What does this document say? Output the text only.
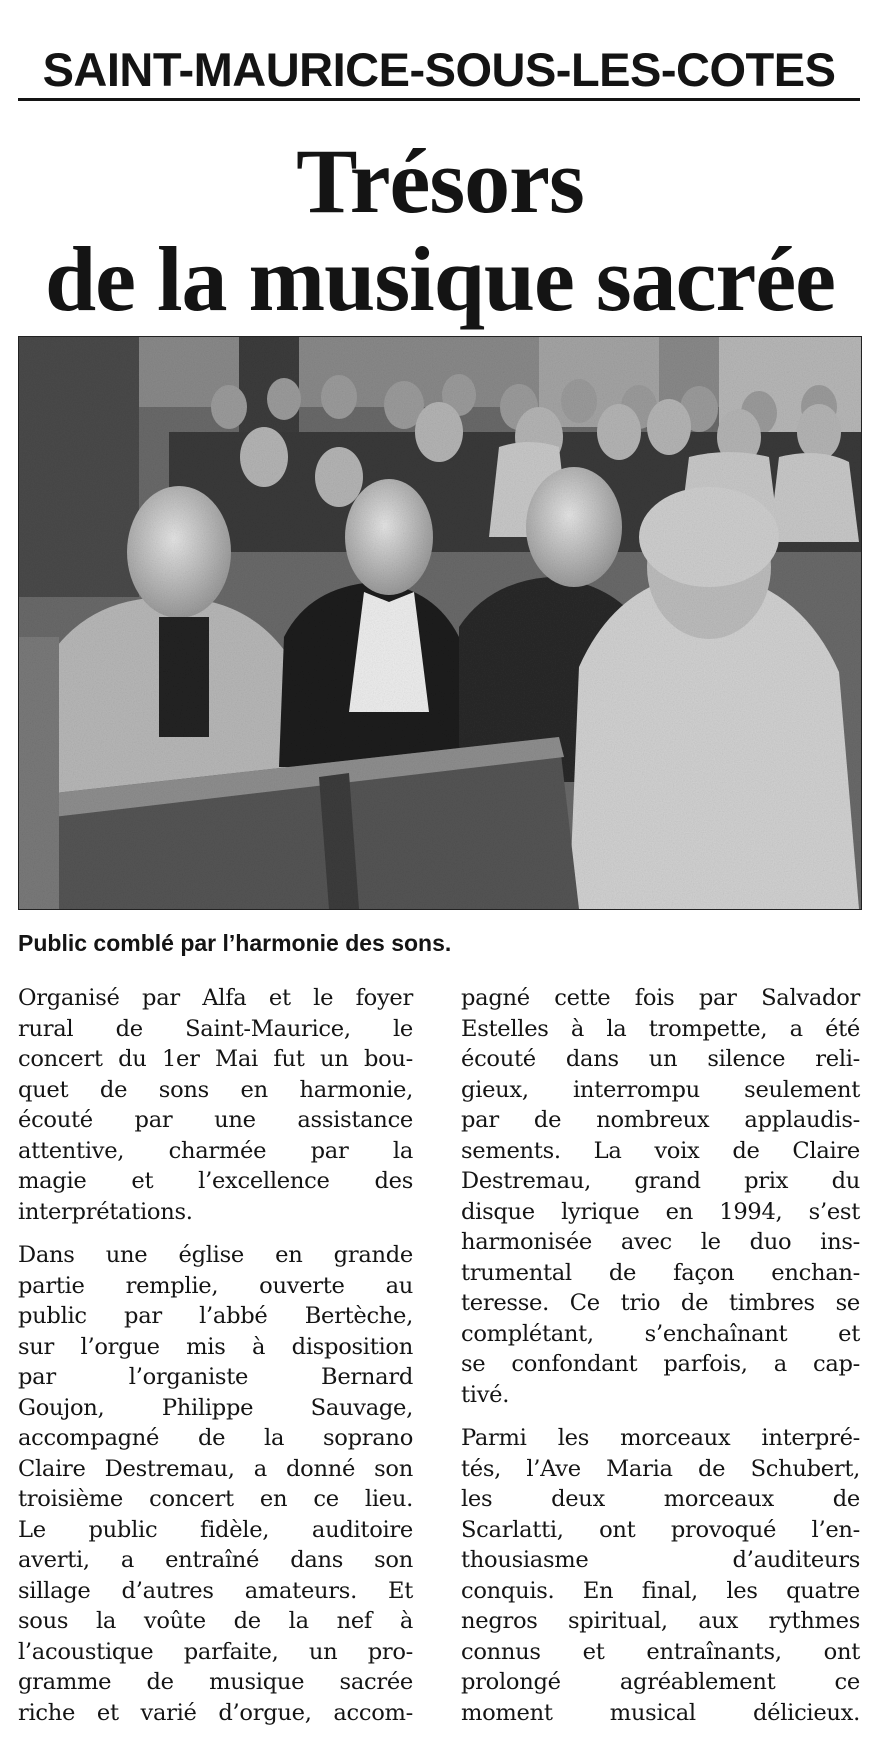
SAINT-MAURICE-SOUS-LES-COTES
Trésors
de la musique sacrée
Public comblé par l’harmonie des sons.

Organisé par Alfa et le foyer
rural de Saint-Maurice, le
concert du 1er Mai fut un bou-
quet de sons en harmonie,
écouté par une assistance
attentive, charmée par la
magie et l’excellence des
interprétations.

Dans une église en grande
partie remplie, ouverte au
public par l’abbé Bertèche,
sur l’orgue mis à disposition
par l’organiste Bernard
Goujon, Philippe Sauvage,
accompagné de la soprano
Claire Destremau, a donné son
troisième concert en ce lieu.
Le public fidèle, auditoire
averti, a entraîné dans son
sillage d’autres amateurs. Et
sous la voûte de la nef à
l’acoustique parfaite, un pro-
gramme de musique sacrée
riche et varié d’orgue, accom-

pagné cette fois par Salvador
Estelles à la trompette, a été
écouté dans un silence reli-
gieux, interrompu seulement
par de nombreux applaudis-
sements. La voix de Claire
Destremau, grand prix du
disque lyrique en 1994, s’est
harmonisée avec le duo ins-
trumental de façon enchan-
teresse. Ce trio de timbres se
complétant, s’enchaînant et
se confondant parfois, a cap-
tivé.

Parmi les morceaux interpré-
tés, l’Ave Maria de Schubert,
les deux morceaux de
Scarlatti, ont provoqué l’en-
thousiasme d’auditeurs
conquis. En final, les quatre
negros spiritual, aux rythmes
connus et entraînants, ont
prolongé agréablement ce
moment musical délicieux.
